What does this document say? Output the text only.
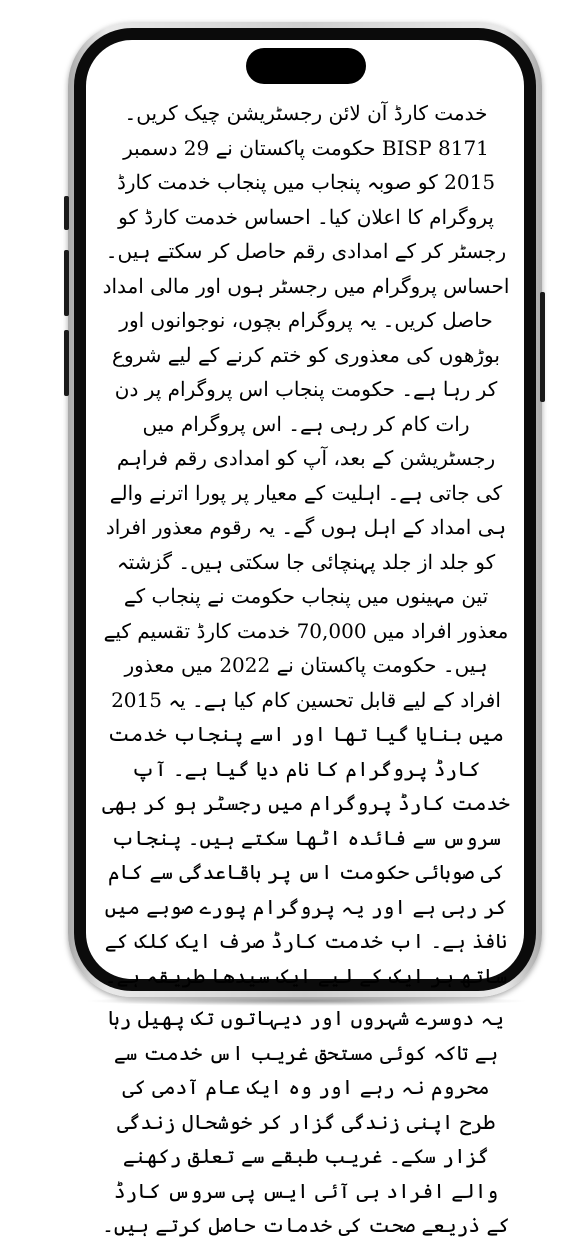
خدمت کارڈ آن لائن رجسٹریشن چیک کریں۔ BISP 8171 حکومت پاکستان نے 29 دسمبر 2015 کو صوبہ پنجاب میں پنجاب خدمت کارڈ پروگرام کا اعلان کیا۔ احساس خدمت کارڈ کو رجسٹر کر کے امدادی رقم حاصل کر سکتے ہیں۔ احساس پروگرام میں رجسٹر ہوں اور مالی امداد حاصل کریں۔ یہ پروگرام بچوں، نوجوانوں اور بوڑھوں کی معذوری کو ختم کرنے کے لیے شروع کر رہا ہے۔ حکومت پنجاب اس پروگرام پر دن رات کام کر رہی ہے۔ اس پروگرام میں رجسٹریشن کے بعد، آپ کو امدادی رقم فراہم کی جاتی ہے۔ اہلیت کے معیار پر پورا اترنے والے ہی امداد کے اہل ہوں گے۔ یہ رقوم معذور افراد کو جلد از جلد پہنچائی جا سکتی ہیں۔ گزشتہ تین مہینوں میں پنجاب حکومت نے پنجاب کے معذور افراد میں 70,000 خدمت کارڈ تقسیم کیے ہیں۔ حکومت پاکستان نے 2022 میں معذور افراد کے لیے قابل تحسین کام کیا ہے۔ یہ 2015 میں بنایا گیا تھا اور اسے پنجاب خدمت کارڈ پروگرام کا نام دیا گیا ہے۔ آپ خدمت کارڈ پروگرام میں رجسٹر ہو کر بھی سروس سے فائدہ اٹھا سکتے ہیں۔ پنجاب کی صوبائی حکومت اس پر باقاعدگی سے کام کر رہی ہے اور یہ پروگرام پورے صوبے میں نافذ ہے۔ اب خدمت کارڈ صرف ایک کلک کے ساتھ ہر ایک کے لیے ایک سیدھا طریقہ ہے۔

یہ دوسرے شہروں اور دیہاتوں تک پھیل رہا ہے تاکہ کوئی مستحق غریب اس خدمت سے محروم نہ رہے اور وہ ایک عام آدمی کی طرح اپنی زندگی گزار کر خوشحال زندگی گزار سکے۔ غریب طبقے سے تعلق رکھنے والے افراد بی آئی ایس پی سروس کارڈ کے ذریعے صحت کی خدمات حاصل کرتے ہیں۔
